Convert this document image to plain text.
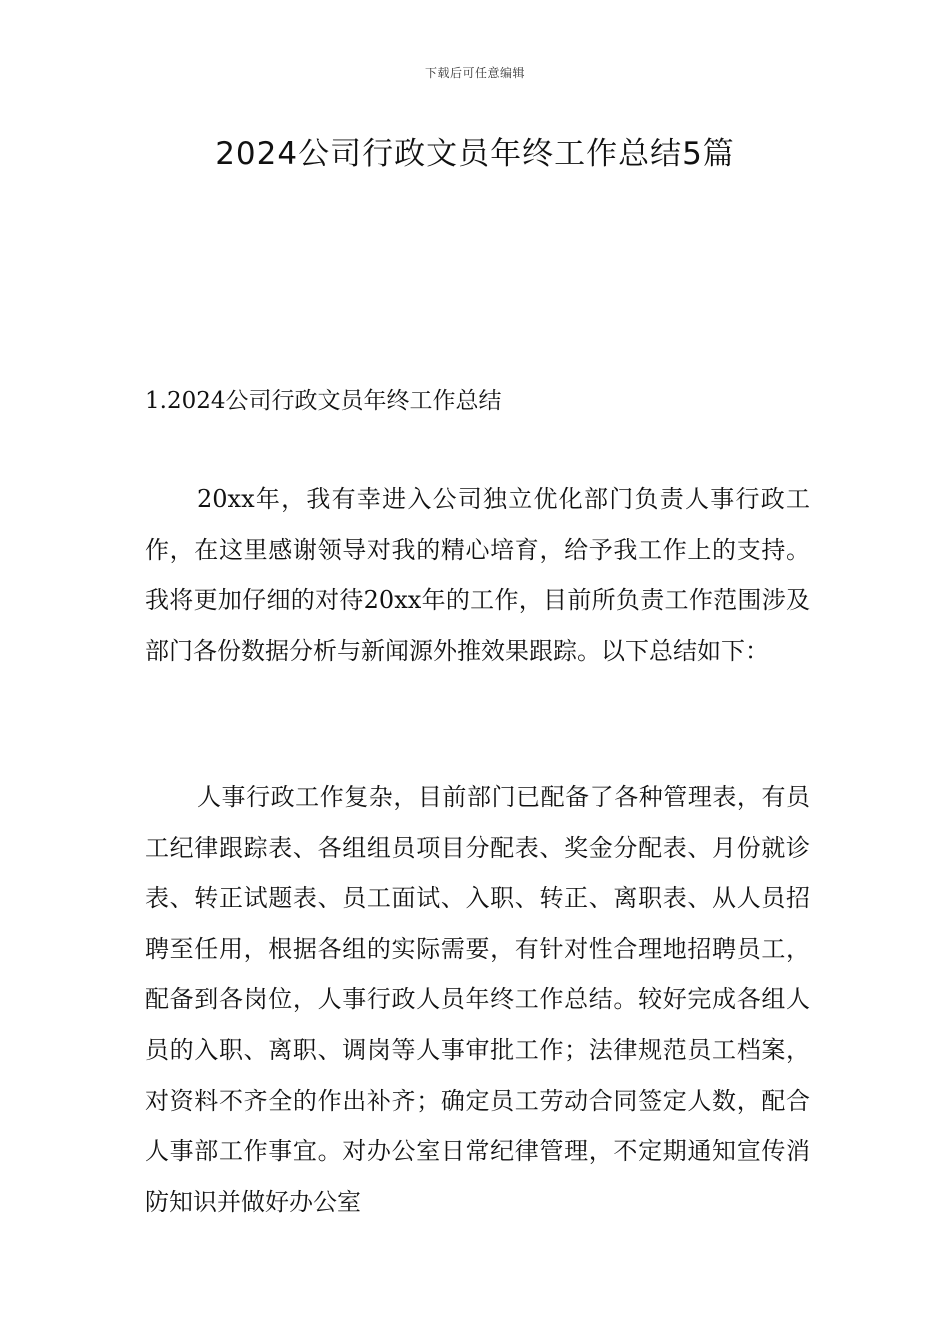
下载后可任意编辑
2024公司行政文员年终工作总结5篇
1.2024公司行政文员年终工作总结

20xx年，我有幸进入公司独立优化部门负责人事行政工作，在这里感谢领导对我的精心培育，给予我工作上的支持。我将更加仔细的对待20xx年的工作，目前所负责工作范围涉及部门各份数据分析与新闻源外推效果跟踪。以下总结如下：

人事行政工作复杂，目前部门已配备了各种管理表，有员工纪律跟踪表、各组组员项目分配表、奖金分配表、月份就诊表、转正试题表、员工面试、入职、转正、离职表、从人员招聘至任用，根据各组的实际需要，有针对性合理地招聘员工，配备到各岗位，人事行政人员年终工作总结。较好完成各组人员的入职、离职、调岗等人事审批工作；法律规范员工档案，对资料不齐全的作出补齐；确定员工劳动合同签定人数，配合人事部工作事宜。对办公室日常纪律管理，不定期通知宣传消防知识并做好办公室
